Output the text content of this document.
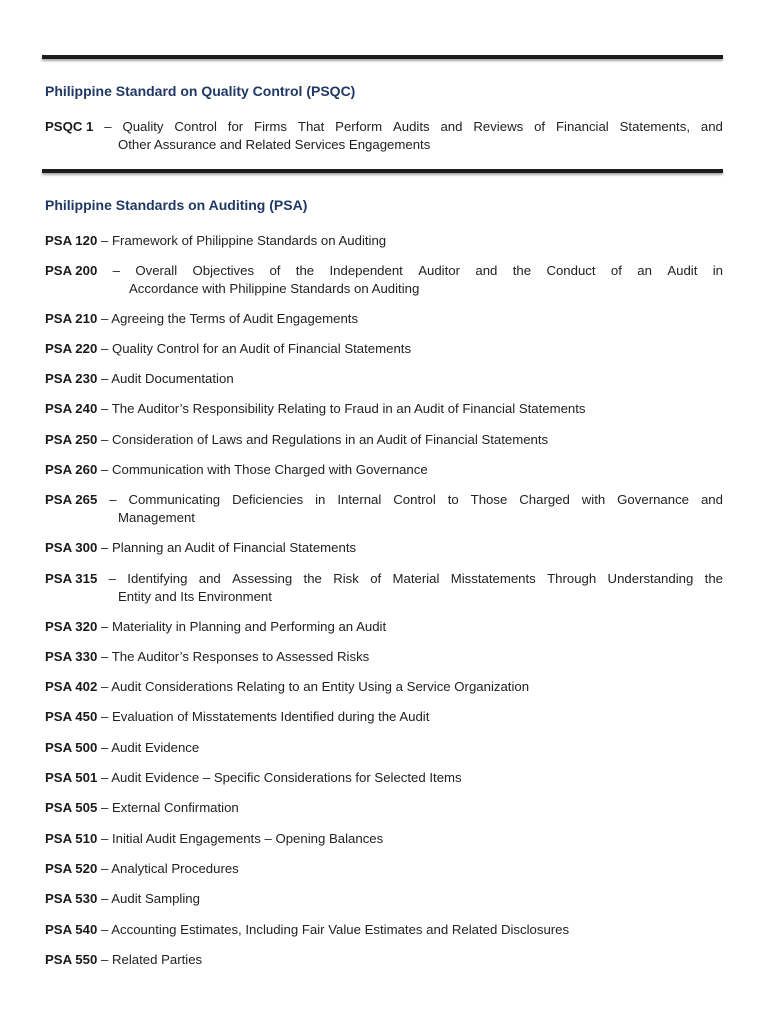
Philippine Standard on Quality Control (PSQC)
PSQC 1 – Quality Control for Firms That Perform Audits and Reviews of Financial Statements, and
Other Assurance and Related Services Engagements
Philippine Standards on Auditing (PSA)
PSA 120 – Framework of Philippine Standards on Auditing
PSA 200 – Overall Objectives of the Independent Auditor and the Conduct of an Audit in
Accordance with Philippine Standards on Auditing
PSA 210 – Agreeing the Terms of Audit Engagements
PSA 220 – Quality Control for an Audit of Financial Statements
PSA 230 – Audit Documentation
PSA 240 – The Auditor’s Responsibility Relating to Fraud in an Audit of Financial Statements
PSA 250 – Consideration of Laws and Regulations in an Audit of Financial Statements
PSA 260 – Communication with Those Charged with Governance
PSA 265 – Communicating Deficiencies in Internal Control to Those Charged with Governance and
Management
PSA 300 – Planning an Audit of Financial Statements
PSA 315 – Identifying and Assessing the Risk of Material Misstatements Through Understanding the
Entity and Its Environment
PSA 320 – Materiality in Planning and Performing an Audit
PSA 330 – The Auditor’s Responses to Assessed Risks
PSA 402 – Audit Considerations Relating to an Entity Using a Service Organization
PSA 450 – Evaluation of Misstatements Identified during the Audit
PSA 500 – Audit Evidence
PSA 501 – Audit Evidence – Specific Considerations for Selected Items
PSA 505 – External Confirmation
PSA 510 – Initial Audit Engagements – Opening Balances
PSA 520 – Analytical Procedures
PSA 530 – Audit Sampling
PSA 540 – Accounting Estimates, Including Fair Value Estimates and Related Disclosures
PSA 550 – Related Parties
